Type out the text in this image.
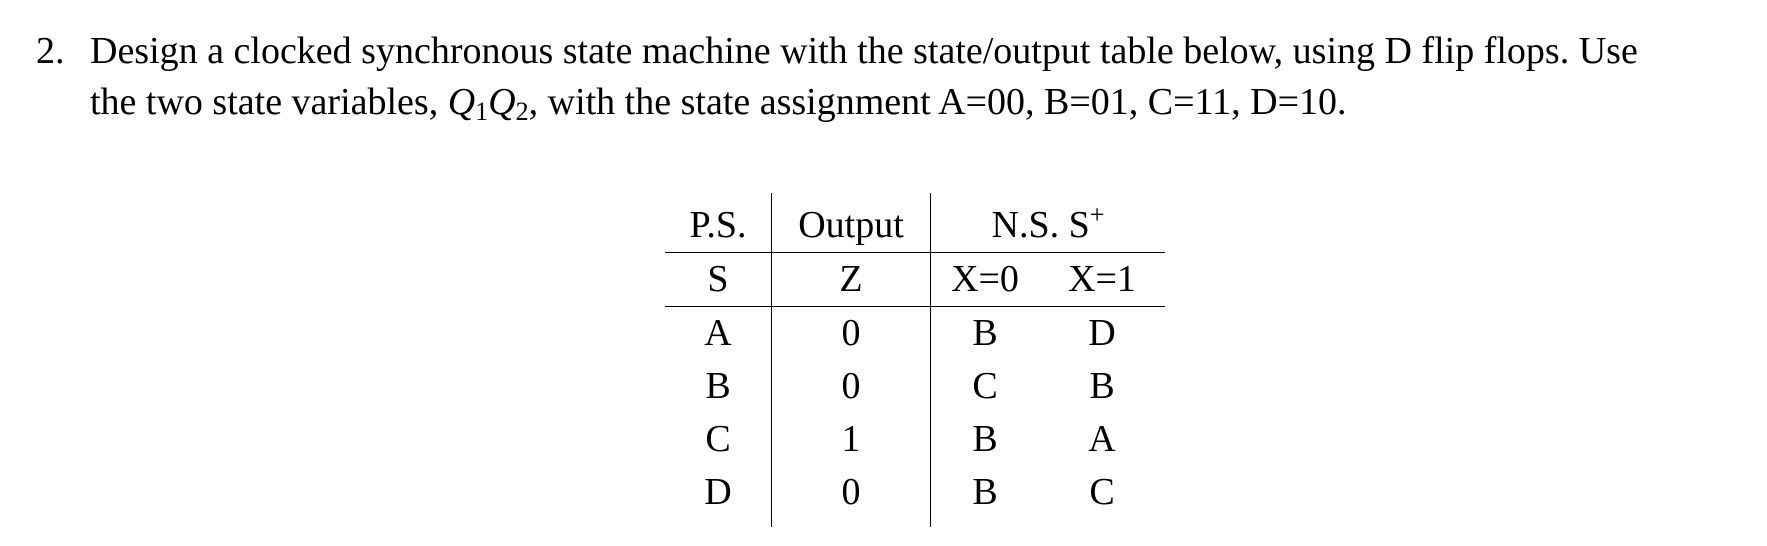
2. Design a clocked synchronous state machine with the state/output table below, using D flip flops. Use
the two state variables, $Q_1Q_2$, with the state assignment A=00, B=01, C=11, D=10.
P.S.	Output	N.S. S+
S	Z	X=0	X=1
A	0	B	D
B	0	C	B
C	1	B	A
D	0	B	C
